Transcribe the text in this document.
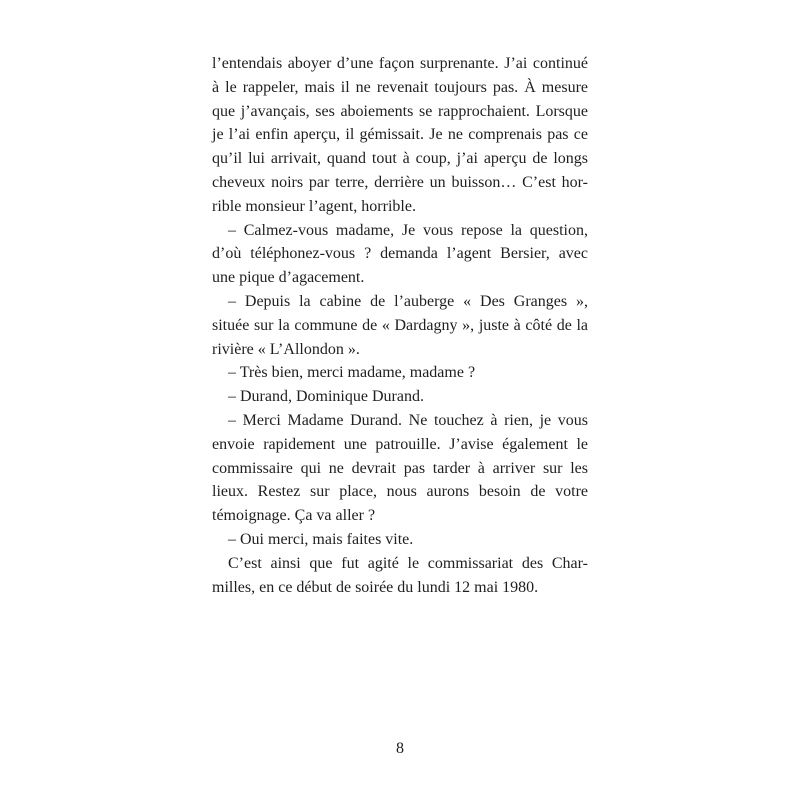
l’entendais aboyer d’une façon surprenante. J’ai continué
à le rappeler, mais il ne revenait toujours pas. À mesure
que j’avançais, ses aboiements se rapprochaient. Lorsque
je l’ai enfin aperçu, il gémissait. Je ne comprenais pas ce
qu’il lui arrivait, quand tout à coup, j’ai aperçu de longs
cheveux noirs par terre, derrière un buisson… C’est hor-
rible monsieur l’agent, horrible.
– Calmez-vous madame, Je vous repose la question,
d’où téléphonez-vous ? demanda l’agent Bersier, avec
une pique d’agacement.
– Depuis la cabine de l’auberge « Des Granges »,
située sur la commune de « Dardagny », juste à côté de la
rivière « L’Allondon ».
– Très bien, merci madame, madame ?
– Durand, Dominique Durand.
– Merci Madame Durand. Ne touchez à rien, je vous
envoie rapidement une patrouille. J’avise également le
commissaire qui ne devrait pas tarder à arriver sur les
lieux. Restez sur place, nous aurons besoin de votre
témoignage. Ça va aller ?
– Oui merci, mais faites vite.
C’est ainsi que fut agité le commissariat des Char-
milles, en ce début de soirée du lundi 12 mai 1980.
8
